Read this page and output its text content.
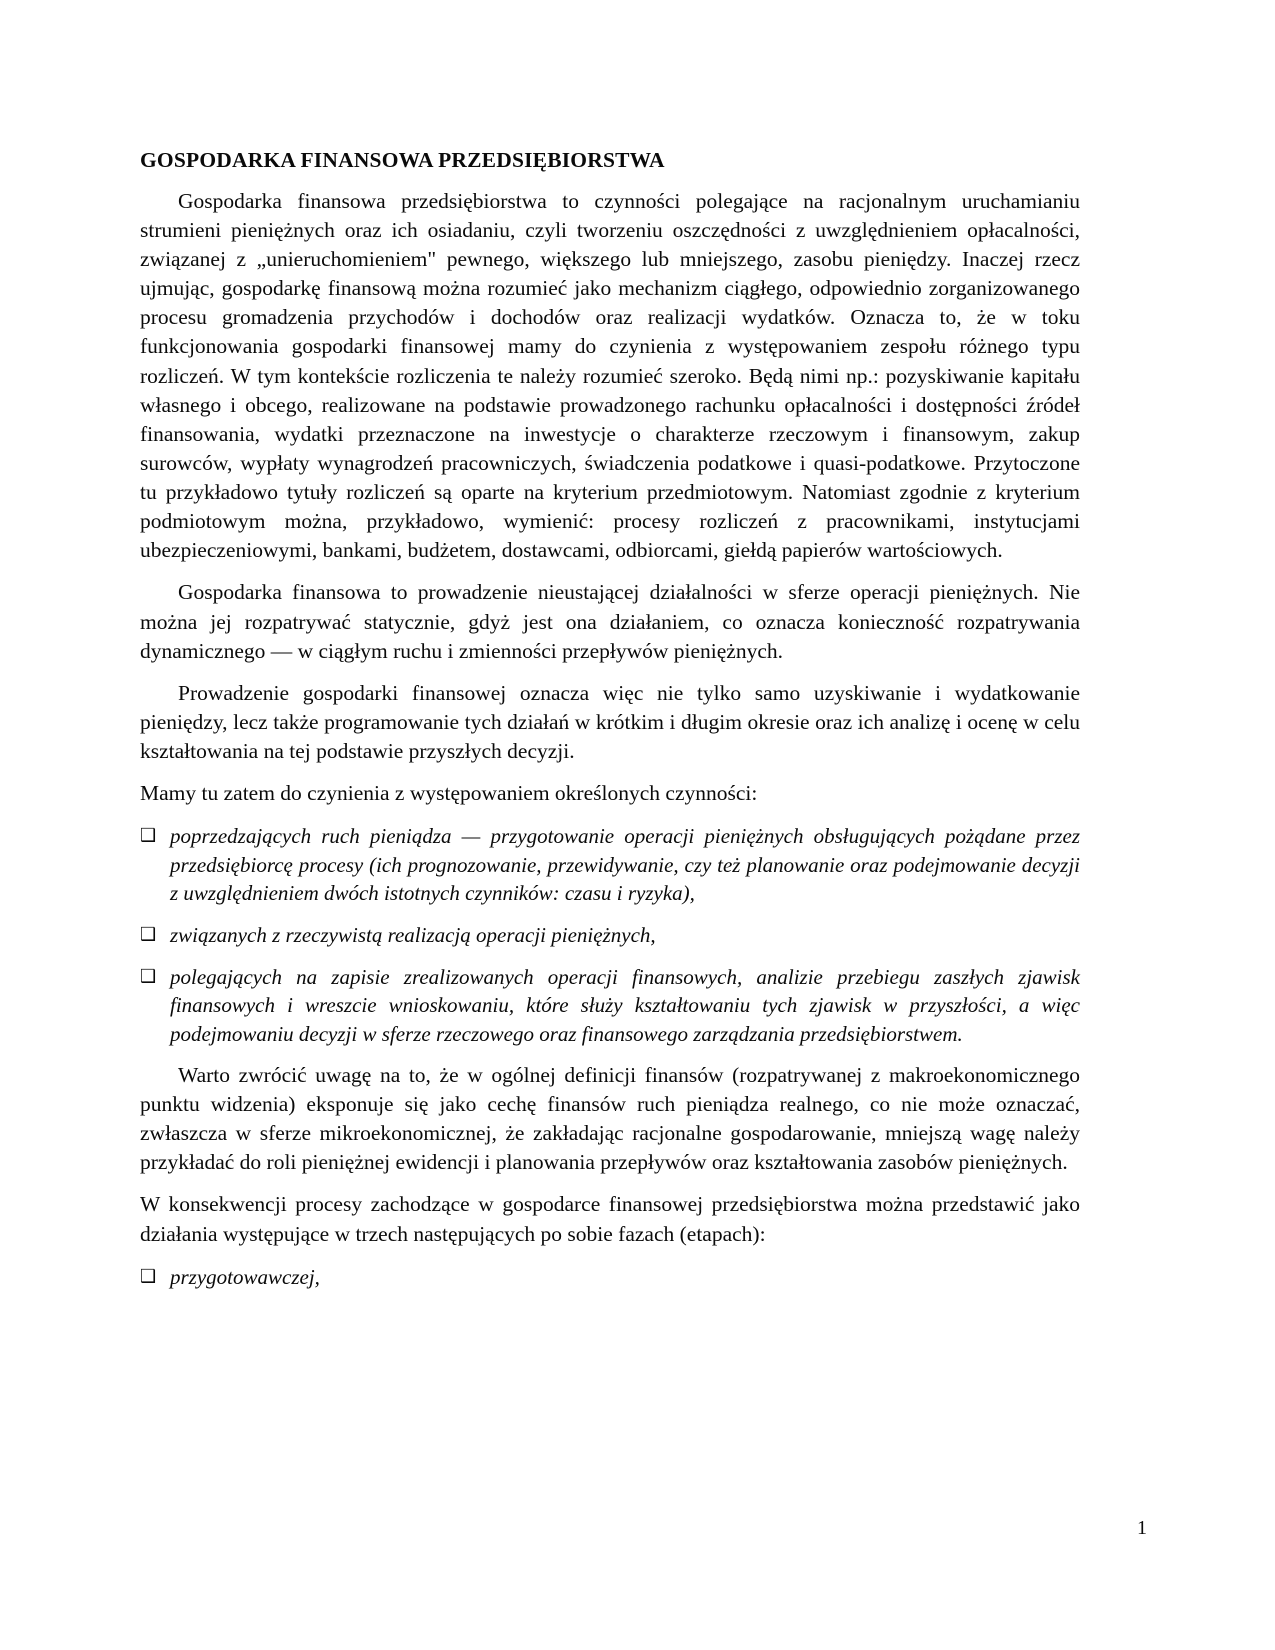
GOSPODARKA FINANSOWA PRZEDSIĘBIORSTWA

Gospodarka finansowa przedsiębiorstwa to czynności polegające na racjonalnym uruchamianiu strumieni pieniężnych oraz ich osiadaniu, czyli tworzeniu oszczędności z uwzględnieniem opłacalności, związanej z „unieruchomieniem" pewnego, większego lub mniejszego, zasobu pieniędzy. Inaczej rzecz ujmując, gospodarkę finansową można rozumieć jako mechanizm ciągłego, odpowiednio zorganizowanego procesu gromadzenia przychodów i dochodów oraz realizacji wydatków. Oznacza to, że w toku funkcjonowania gospodarki finansowej mamy do czynienia z występowaniem zespołu różnego typu rozliczeń. W tym kontekście rozliczenia te należy rozumieć szeroko. Będą nimi np.: pozyskiwanie kapitału własnego i obcego, realizowane na podstawie prowadzonego rachunku opłacalności i dostępności źródeł finansowania, wydatki przeznaczone na inwestycje o charakterze rzeczowym i finansowym, zakup surowców, wypłaty wynagrodzeń pracowniczych, świadczenia podatkowe i quasi-podatkowe. Przytoczone tu przykładowo tytuły rozliczeń są oparte na kryterium przedmiotowym. Natomiast zgodnie z kryterium podmiotowym można, przykładowo, wymienić: procesy rozliczeń z pracownikami, instytucjami ubezpieczeniowymi, bankami, budżetem, dostawcami, odbiorcami, giełdą papierów wartościowych.

Gospodarka finansowa to prowadzenie nieustającej działalności w sferze operacji pieniężnych. Nie można jej rozpatrywać statycznie, gdyż jest ona działaniem, co oznacza konieczność rozpatrywania dynamicznego — w ciągłym ruchu i zmienności przepływów pieniężnych.

Prowadzenie gospodarki finansowej oznacza więc nie tylko samo uzyskiwanie i wydatkowanie pieniędzy, lecz także programowanie tych działań w krótkim i długim okresie oraz ich analizę i ocenę w celu kształtowania na tej podstawie przyszłych decyzji.

Mamy tu zatem do czynienia z występowaniem określonych czynności:

❑ poprzedzających ruch pieniądza — przygotowanie operacji pieniężnych obsługujących pożądane przez przedsiębiorcę procesy (ich prognozowanie, przewidywanie, czy też planowanie oraz podejmowanie decyzji z uwzględnieniem dwóch istotnych czynników: czasu i ryzyka),
❑ związanych z rzeczywistą realizacją operacji pieniężnych,
❑ polegających na zapisie zrealizowanych operacji finansowych, analizie przebiegu zaszłych zjawisk finansowych i wreszcie wnioskowaniu, które służy kształtowaniu tych zjawisk w przyszłości, a więc podejmowaniu decyzji w sferze rzeczowego oraz finansowego zarządzania przedsiębiorstwem.

Warto zwrócić uwagę na to, że w ogólnej definicji finansów (rozpatrywanej z makroekonomicznego punktu widzenia) eksponuje się jako cechę finansów ruch pieniądza realnego, co nie może oznaczać, zwłaszcza w sferze mikroekonomicznej, że zakładając racjonalne gospodarowanie, mniejszą wagę należy przykładać do roli pieniężnej ewidencji i planowania przepływów oraz kształtowania zasobów pieniężnych.

W konsekwencji procesy zachodzące w gospodarce finansowej przedsiębiorstwa można przedstawić jako działania występujące w trzech następujących po sobie fazach (etapach):

❑ przygotowawczej,
1
